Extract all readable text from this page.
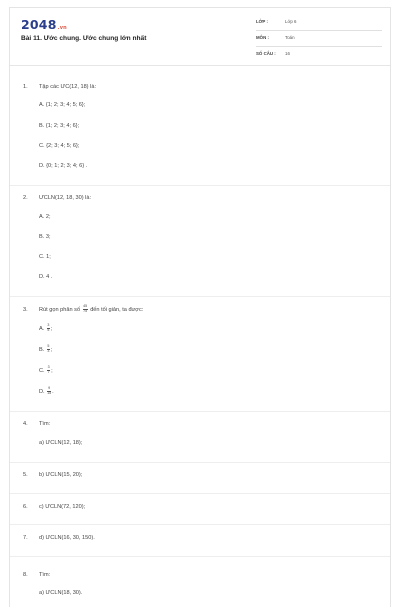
2048.vn
Bài 11. Ước chung. Ước chung lớn nhất
LỚP :	Lớp 6
MÔN :	Toán
SỐ CÂU : 16
1. Tập các ƯC(12, 18) là:
A. {1; 2; 3; 4; 5; 6};
B. {1; 2; 3; 4; 6};
C. {2; 3; 4; 5; 6};
D. {0; 1; 2; 3; 4; 6} .
2. ƯCLN(12, 18, 30) là:
A. 2;
B. 3;
C. 1;
D. 4 .
3. Rút gọn phân số $\frac{45}{75}$ đến tối giản, ta được:
A. $\frac{3}{5}$ ;
B. $\frac{5}{3}$ ;
C. $\frac{3}{7}$ ;
D. $\frac{9}{15}$ .
4. Tìm:
a) ƯCLN(12, 18);
5. b) ƯCLN(15, 20);
6. c) ƯCLN(72, 120);
7. d) ƯCLN(16, 30, 150).
8. Tìm:
a) ƯCLN(18, 30).
